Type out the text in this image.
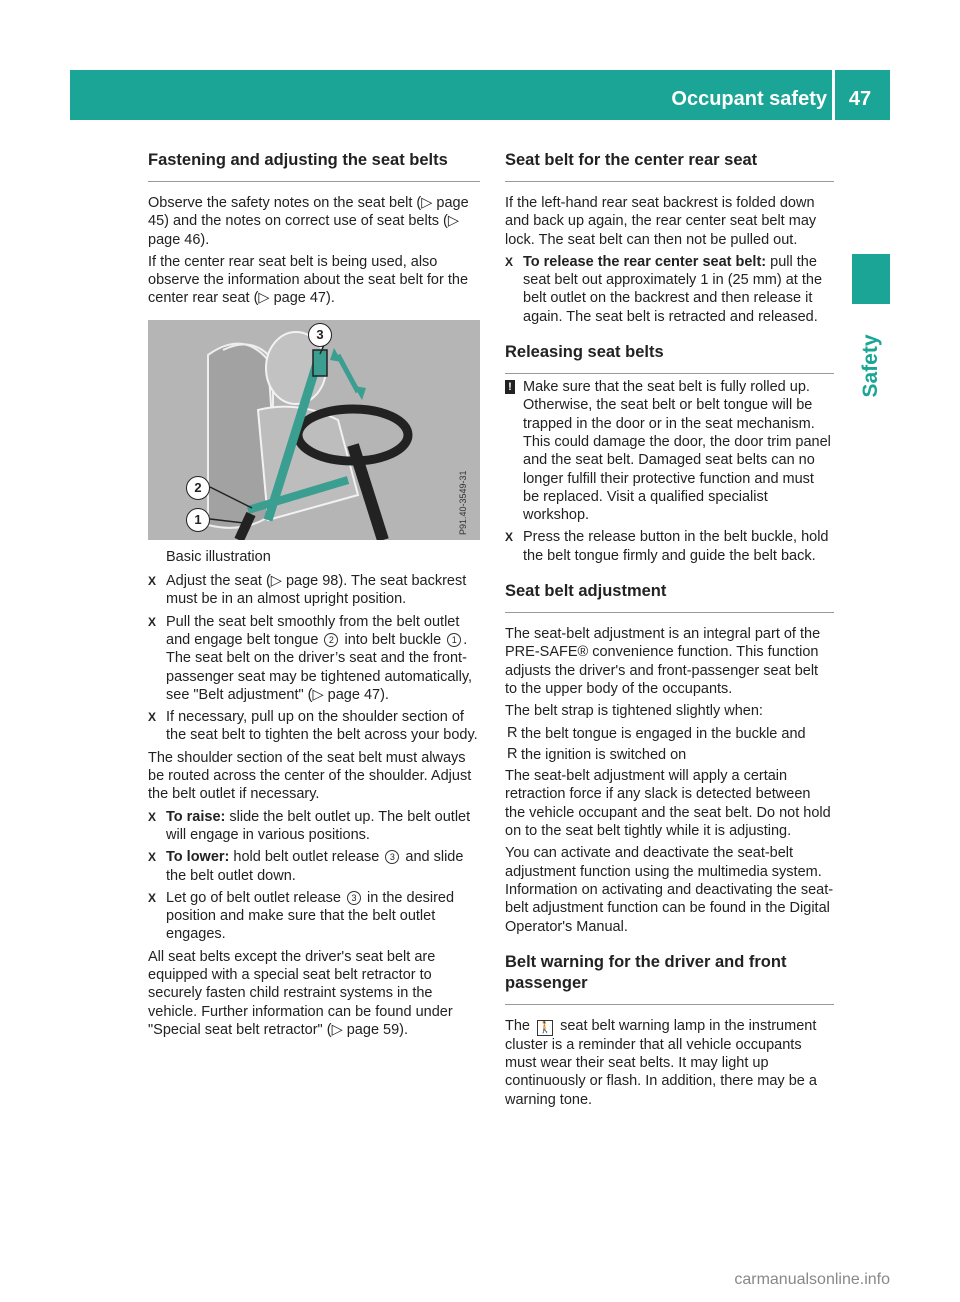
Occupant safety	47
Safety
Fastening and adjusting the seat belts

Observe the safety notes on the seat belt (▷ page 45) and the notes on correct use of seat belts (▷ page 46).

If the center rear seat belt is being used, also observe the information about the seat belt for the center rear seat (▷ page 47).

P91.40-3549-31
2
1
3

Basic illustration

X Adjust the seat (▷ page 98). The seat backrest must be in an almost upright position.
X Pull the seat belt smoothly from the belt outlet and engage belt tongue 2 into belt buckle 1 . The seat belt on the driver’s seat and the front-passenger seat may be tightened automatically, see "Belt adjustment" (▷ page 47).
X If necessary, pull up on the shoulder section of the seat belt to tighten the belt across your body.

The shoulder section of the seat belt must always be routed across the center of the shoulder. Adjust the belt outlet if necessary.

X To raise: slide the belt outlet up. The belt outlet will engage in various positions.
X To lower: hold belt outlet release 3 and slide the belt outlet down.
X Let go of belt outlet release 3 in the desired position and make sure that the belt outlet engages.

All seat belts except the driver's seat belt are equipped with a special seat belt retractor to securely fasten child restraint systems in the vehicle. Further information can be found under "Special seat belt retractor" (▷ page 59).

Seat belt for the center rear seat

If the left-hand rear seat backrest is folded down and back up again, the rear center seat belt may lock. The seat belt can then not be pulled out.

X To release the rear center seat belt: pull the seat belt out approximately 1 in (25 mm) at the belt outlet on the backrest and then release it again. The seat belt is retracted and released.
Releasing seat belts
! Make sure that the seat belt is fully rolled up. Otherwise, the seat belt or belt tongue will be trapped in the door or in the seat mechanism. This could damage the door, the door trim panel and the seat belt. Damaged seat belts can no longer fulfill their protective function and must be replaced. Visit a qualified specialist workshop.
X Press the release button in the belt buckle, hold the belt tongue firmly and guide the belt back.
Seat belt adjustment

The seat-belt adjustment is an integral part of the PRE-SAFE® convenience function. This function adjusts the driver's and front-passenger seat belt to the upper body of the occupants.

The belt strap is tightened slightly when:

R the belt tongue is engaged in the buckle and
R the ignition is switched on

The seat-belt adjustment will apply a certain retraction force if any slack is detected between the vehicle occupant and the seat belt. Do not hold on to the seat belt tightly while it is adjusting.

You can activate and deactivate the seat-belt adjustment function using the multimedia system. Information on activating and deactivating the seat-belt adjustment function can be found in the Digital Operator's Manual.

Belt warning for the driver and front passenger

The 🚶 seat belt warning lamp in the instrument cluster is a reminder that all vehicle occupants must wear their seat belts. It may light up continuously or flash. In addition, there may be a warning tone.

carmanualsonline.info
